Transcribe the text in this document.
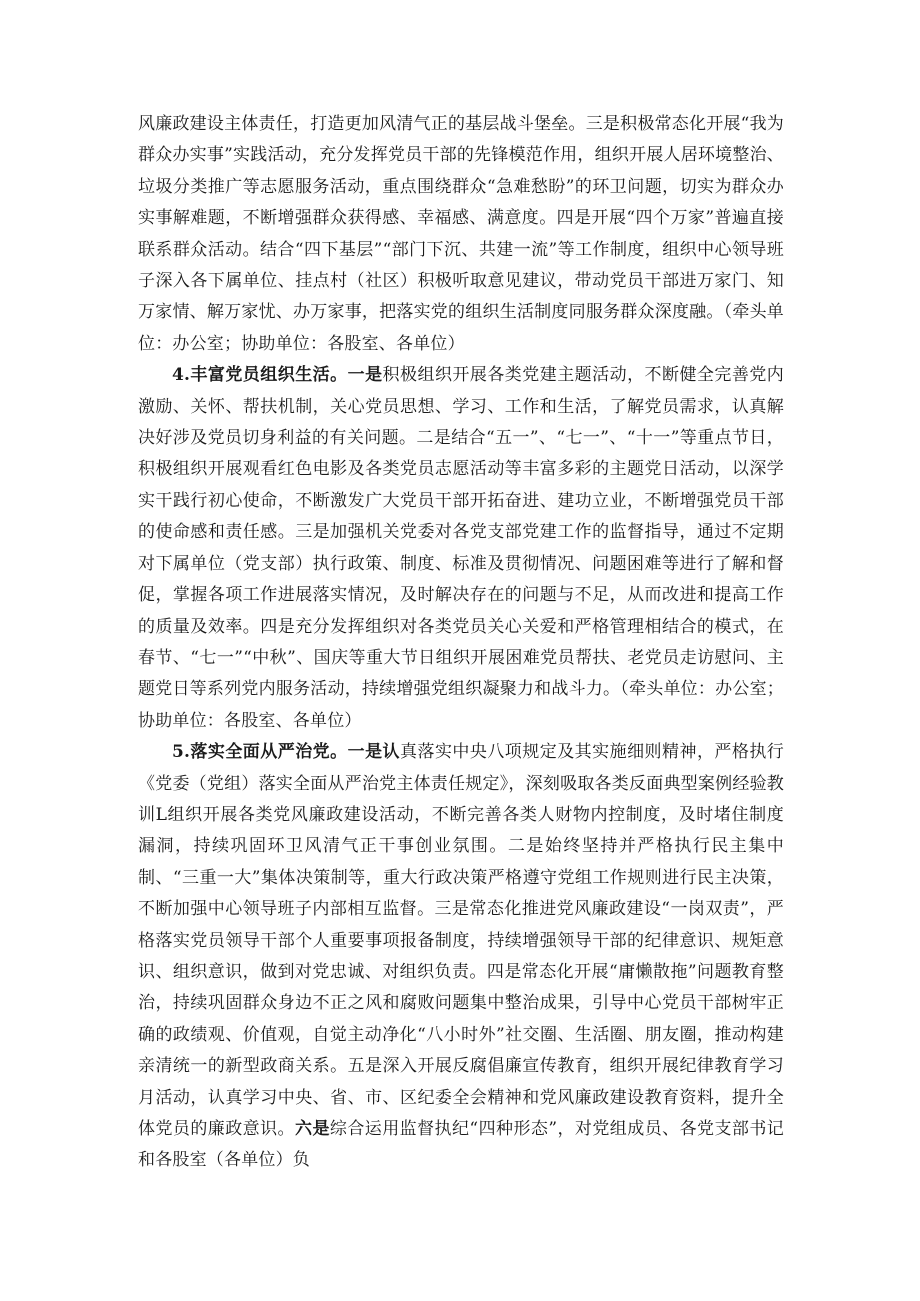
风廉政建设主体责任，打造更加风清气正的基层战斗堡垒。三是积极常态化开展“我为群众办实事”实践活动，充分发挥党员干部的先锋模范作用，组织开展人居环境整治、垃圾分类推广等志愿服务活动，重点围绕群众“急难愁盼”的环卫问题，切实为群众办实事解难题，不断增强群众获得感、幸福感、满意度。四是开展“四个万家”普遍直接联系群众活动。结合“四下基层”“部门下沉、共建一流”等工作制度，组织中心领导班子深入各下属单位、挂点村（社区）积极听取意见建议，带动党员干部进万家门、知万家情、解万家忧、办万家事，把落实党的组织生活制度同服务群众深度融。（牵头单位：办公室；协助单位：各股室、各单位）

4.丰富党员组织生活。一是积极组织开展各类党建主题活动，不断健全完善党内激励、关怀、帮扶机制，关心党员思想、学习、工作和生活，了解党员需求，认真解决好涉及党员切身利益的有关问题。二是结合“五一”、“七一”、“十一”等重点节日，积极组织开展观看红色电影及各类党员志愿活动等丰富多彩的主题党日活动，以深学实干践行初心使命，不断激发广大党员干部开拓奋进、建功立业，不断增强党员干部的使命感和责任感。三是加强机关党委对各党支部党建工作的监督指导，通过不定期对下属单位（党支部）执行政策、制度、标准及贯彻情况、问题困难等进行了解和督促，掌握各项工作进展落实情况，及时解决存在的问题与不足，从而改进和提高工作的质量及效率。四是充分发挥组织对各类党员关心关爱和严格管理相结合的模式，在春节、“七一”“中秋”、国庆等重大节日组织开展困难党员帮扶、老党员走访慰问、主题党日等系列党内服务活动，持续增强党组织凝聚力和战斗力。（牵头单位：办公室；协助单位：各股室、各单位）

5.落实全面从严治党。一是认真落实中央八项规定及其实施细则精神，严格执行《党委（党组）落实全面从严治党主体责任规定》，深刻吸取各类反面典型案例经验教训L组织开展各类党风廉政建设活动，不断完善各类人财物内控制度，及时堵住制度漏洞，持续巩固环卫风清气正干事创业氛围。二是始终坚持并严格执行民主集中制、“三重一大”集体决策制等，重大行政决策严格遵守党组工作规则进行民主决策，不断加强中心领导班子内部相互监督。三是常态化推进党风廉政建设“一岗双责”，严格落实党员领导干部个人重要事项报备制度，持续增强领导干部的纪律意识、规矩意识、组织意识，做到对党忠诚、对组织负责。四是常态化开展“庸懒散拖”问题教育整治，持续巩固群众身边不正之风和腐败问题集中整治成果，引导中心党员干部树牢正确的政绩观、价值观，自觉主动净化“八小时外”社交圈、生活圈、朋友圈，推动构建亲清统一的新型政商关系。五是深入开展反腐倡廉宣传教育，组织开展纪律教育学习月活动，认真学习中央、省、市、区纪委全会精神和党风廉政建设教育资料，提升全体党员的廉政意识。六是综合运用监督执纪“四种形态”，对党组成员、各党支部书记和各股室（各单位）负
